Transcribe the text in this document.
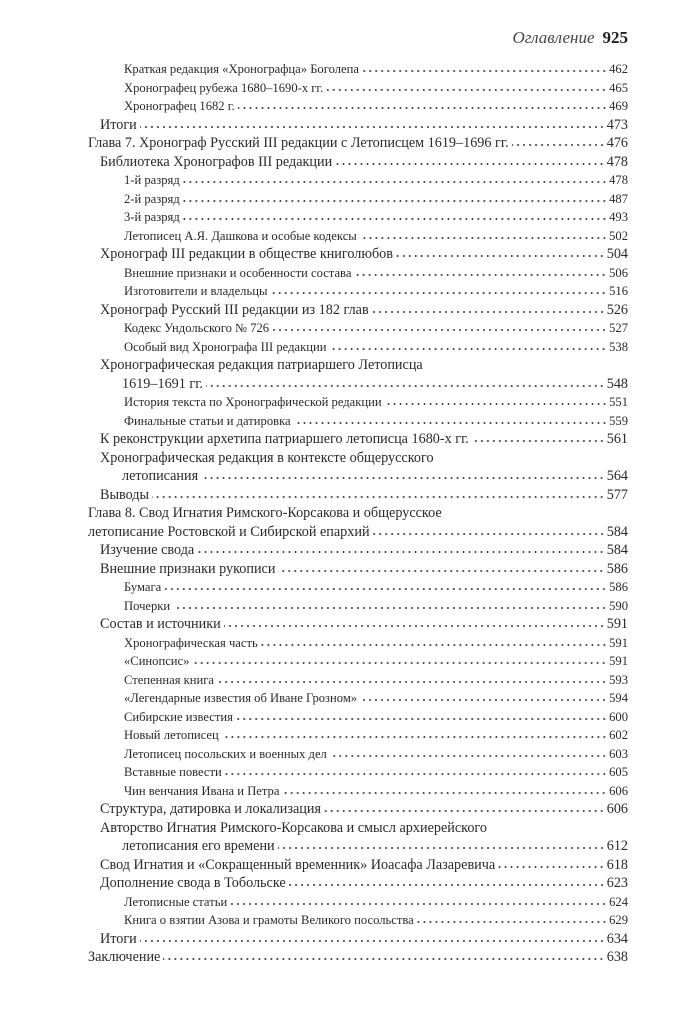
Оглавление 925
Краткая редакция «Хронографца» Боголепа	462
Хронографец рубежа 1680–1690-х гг.	465
Хронографец 1682 г.	469
Итоги	473
Глава 7. Хронограф Русский III редакции с Летописцем 1619–1696 гг.	476
Библиотека Хронографов III редакции	478
1-й разряд	478
2-й разряд	487
3-й разряд	493
Летописец А.Я. Дашкова и особые кодексы	502
Хронограф III редакции в обществе книголюбов	504
Внешние признаки и особенности состава	506
Изготовители и владельцы	516
Хронограф Русский III редакции из 182 глав	526
Кодекс Ундольского № 726	527
Особый вид Хронографа III редакции	538
Хронографическая редакция патриаршего Летописца
1619–1691 гг.	548
История текста по Хронографической редакции	551
Финальные статьи и датировка	559
К реконструкции архетипа патриаршего летописца 1680-х гг.	561
Хронографическая редакция в контексте общерусского
летописания	564
Выводы	577
Глава 8. Свод Игнатия Римского-Корсакова и общерусское
летописание Ростовской и Сибирской епархий	584
Изучение свода	584
Внешние признаки рукописи	586
Бумага	586
Почерки	590
Состав и источники	591
Хронографическая часть	591
«Синопсис»	591
Степенная книга	593
«Легендарные известия об Иване Грозном»	594
Сибирские известия	600
Новый летописец	602
Летописец посольских и военных дел	603
Вставные повести	605
Чин венчания Ивана и Петра	606
Структура, датировка и локализация	606
Авторство Игнатия Римского-Корсакова и смысл архиерейского
летописания его времени	612
Свод Игнатия и «Сокращенный временник» Иоасафа Лазаревича	618
Дополнение свода в Тобольске	623
Летописные статьи	624
Книга о взятии Азова и грамоты Великого посольства	629
Итоги	634
Заключение	638
